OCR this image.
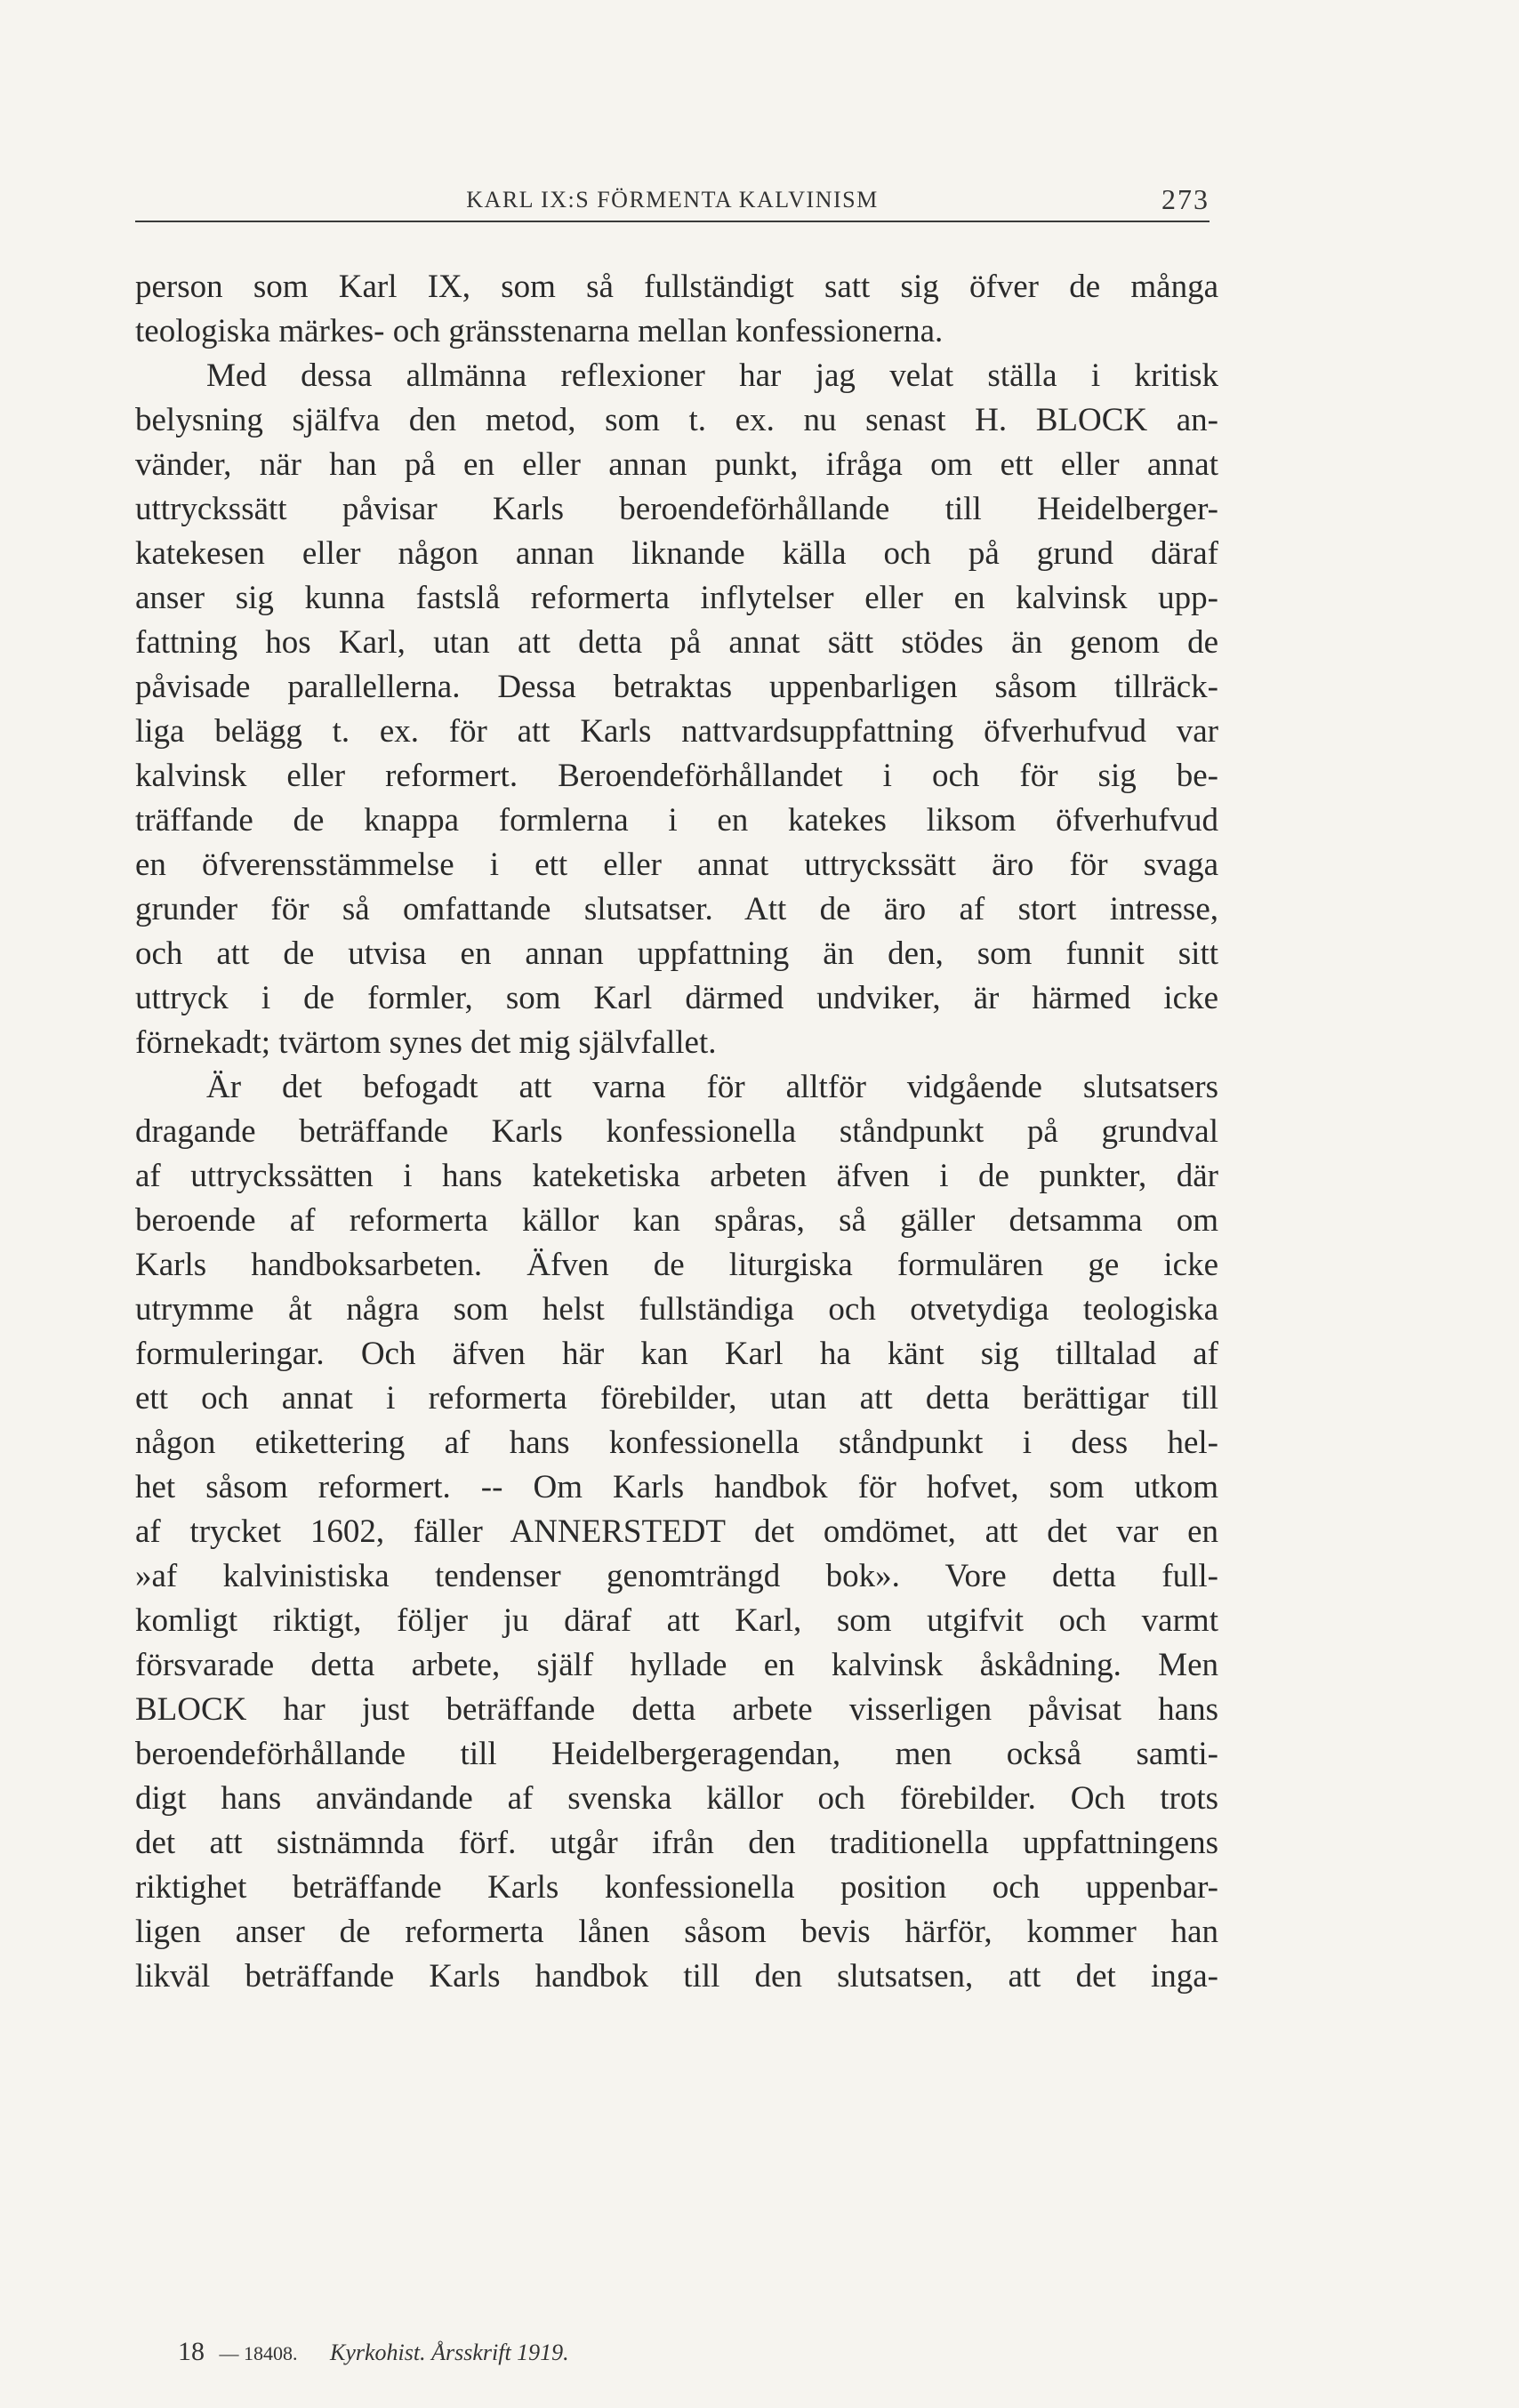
KARL IX:S FÖRMENTA KALVINISM	273
person som Karl IX, som så fullständigt satt sig öfver de många
teologiska märkes- och gränsstenarna mellan konfessionerna.
Med dessa allmänna reflexioner har jag velat ställa i kritisk
belysning själfva den metod, som t. ex. nu senast H. BLOCK an-
vänder, när han på en eller annan punkt, ifråga om ett eller annat
uttryckssätt påvisar Karls beroendeförhållande till Heidelberger-
katekesen eller någon annan liknande källa och på grund däraf
anser sig kunna fastslå reformerta inflytelser eller en kalvinsk upp-
fattning hos Karl, utan att detta på annat sätt stödes än genom de
påvisade parallellerna. Dessa betraktas uppenbarligen såsom tillräck-
liga belägg t. ex. för att Karls nattvardsuppfattning öfverhufvud var
kalvinsk eller reformert. Beroendeförhållandet i och för sig be-
träffande de knappa formlerna i en katekes liksom öfverhufvud
en öfverensstämmelse i ett eller annat uttryckssätt äro för svaga
grunder för så omfattande slutsatser. Att de äro af stort intresse,
och att de utvisa en annan uppfattning än den, som funnit sitt
uttryck i de formler, som Karl därmed undviker, är härmed icke
förnekadt; tvärtom synes det mig självfallet.
Är det befogadt att varna för alltför vidgående slutsatsers
dragande beträffande Karls konfessionella ståndpunkt på grundval
af uttryckssätten i hans kateketiska arbeten äfven i de punkter, där
beroende af reformerta källor kan spåras, så gäller detsamma om
Karls handboksarbeten. Äfven de liturgiska formulären ge icke
utrymme åt några som helst fullständiga och otvetydiga teologiska
formuleringar. Och äfven här kan Karl ha känt sig tilltalad af
ett och annat i reformerta förebilder, utan att detta berättigar till
någon etikettering af hans konfessionella ståndpunkt i dess hel-
het såsom reformert. -- Om Karls handbok för hofvet, som utkom
af trycket 1602, fäller ANNERSTEDT det omdömet, att det var en
»af kalvinistiska tendenser genomträngd bok». Vore detta full-
komligt riktigt, följer ju däraf att Karl, som utgifvit och varmt
försvarade detta arbete, själf hyllade en kalvinsk åskådning. Men
BLOCK har just beträffande detta arbete visserligen påvisat hans
beroendeförhållande till Heidelbergeragendan, men också samti-
digt hans användande af svenska källor och förebilder. Och trots
det att sistnämnda förf. utgår ifrån den traditionella uppfattningens
riktighet beträffande Karls konfessionella position och uppenbar-
ligen anser de reformerta lånen såsom bevis härför, kommer han
likväl beträffande Karls handbok till den slutsatsen, att det inga-
18 — 18408. Kyrkohist. Årsskrift 1919.
